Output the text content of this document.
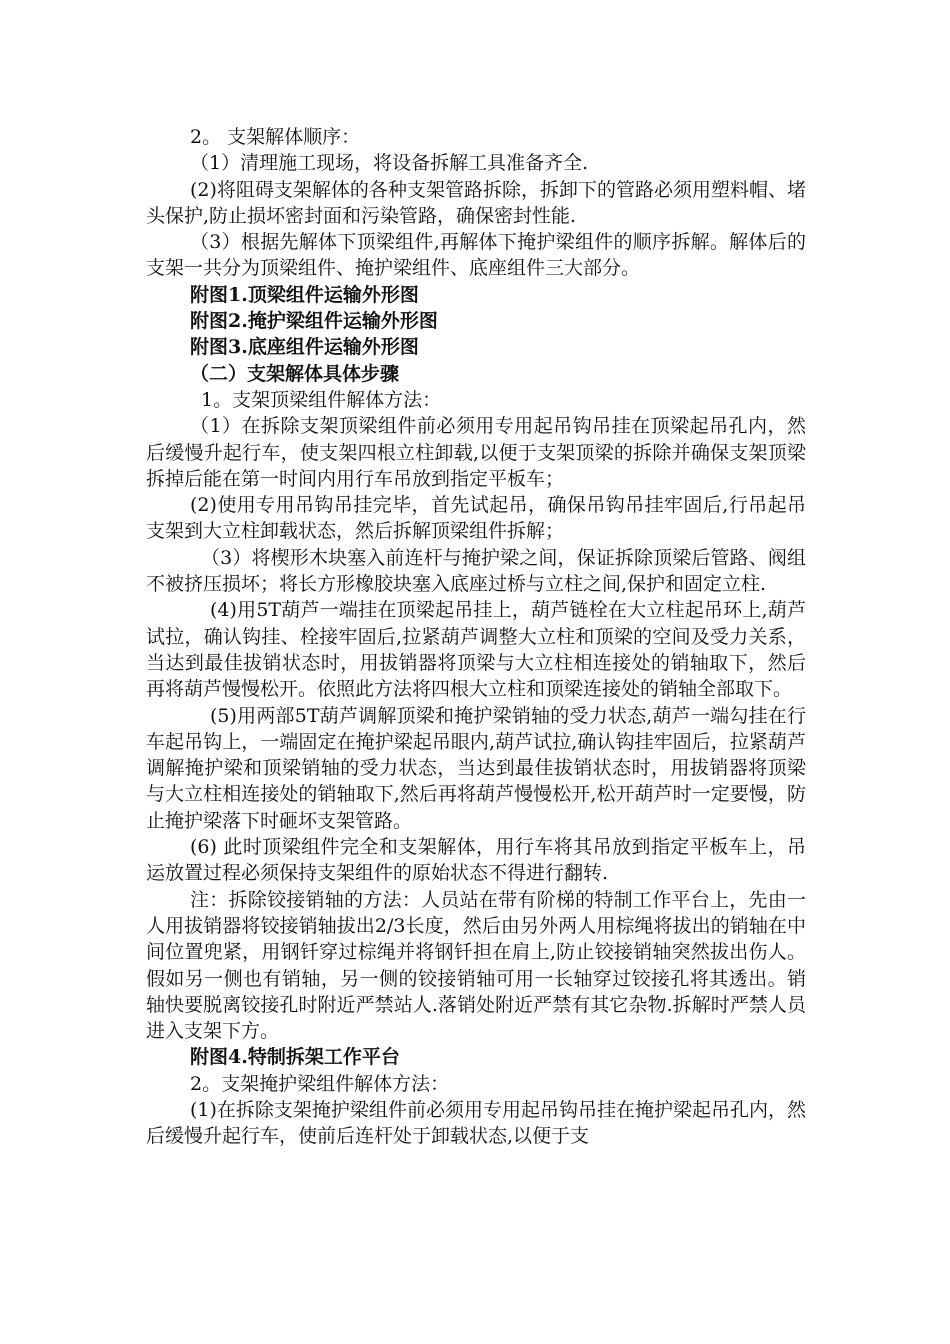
2。 支架解体顺序：

（1）清理施工现场，将设备拆解工具准备齐全.

(2)将阻碍支架解体的各种支架管路拆除，拆卸下的管路必须用塑料帽、堵头保护,防止损坏密封面和污染管路，确保密封性能.

（3）根据先解体下顶梁组件,再解体下掩护梁组件的顺序拆解。解体后的支架一共分为顶梁组件、掩护梁组件、底座组件三大部分。

附图1.顶梁组件运输外形图

附图2.掩护梁组件运输外形图

附图3.底座组件运输外形图

（二）支架解体具体步骤

1。支架顶梁组件解体方法：

（1）在拆除支架顶梁组件前必须用专用起吊钩吊挂在顶梁起吊孔内，然后缓慢升起行车，使支架四根立柱卸载,以便于支架顶梁的拆除并确保支架顶梁拆掉后能在第一时间内用行车吊放到指定平板车；

(2)使用专用吊钩吊挂完毕，首先试起吊，确保吊钩吊挂牢固后,行吊起吊支架到大立柱卸载状态，然后拆解顶梁组件拆解；

（3）将楔形木块塞入前连杆与掩护梁之间，保证拆除顶梁后管路、阀组不被挤压损坏；将长方形橡胶块塞入底座过桥与立柱之间,保护和固定立柱.

(4)用5T葫芦一端挂在顶梁起吊挂上，葫芦链栓在大立柱起吊环上,葫芦试拉，确认钩挂、栓接牢固后,拉紧葫芦调整大立柱和顶梁的空间及受力关系，当达到最佳拔销状态时，用拔销器将顶梁与大立柱相连接处的销轴取下，然后再将葫芦慢慢松开。依照此方法将四根大立柱和顶梁连接处的销轴全部取下。

(5)用两部5T葫芦调解顶梁和掩护梁销轴的受力状态,葫芦一端勾挂在行车起吊钩上，一端固定在掩护梁起吊眼内,葫芦试拉,确认钩挂牢固后，拉紧葫芦调解掩护梁和顶梁销轴的受力状态，当达到最佳拔销状态时，用拔销器将顶梁与大立柱相连接处的销轴取下,然后再将葫芦慢慢松开,松开葫芦时一定要慢，防止掩护梁落下时砸坏支架管路。

(6) 此时顶梁组件完全和支架解体，用行车将其吊放到指定平板车上，吊运放置过程必须保持支架组件的原始状态不得进行翻转.

注：拆除铰接销轴的方法：人员站在带有阶梯的特制工作平台上，先由一人用拔销器将铰接销轴拔出2/3长度，然后由另外两人用棕绳将拔出的销轴在中间位置兜紧，用钢钎穿过棕绳并将钢钎担在肩上,防止铰接销轴突然拔出伤人。假如另一侧也有销轴，另一侧的铰接销轴可用一长轴穿过铰接孔将其透出。销轴快要脱离铰接孔时附近严禁站人.落销处附近严禁有其它杂物.拆解时严禁人员进入支架下方。

附图4.特制拆架工作平台

2。支架掩护梁组件解体方法：

(1)在拆除支架掩护梁组件前必须用专用起吊钩吊挂在掩护梁起吊孔内，然后缓慢升起行车，使前后连杆处于卸载状态,以便于支
